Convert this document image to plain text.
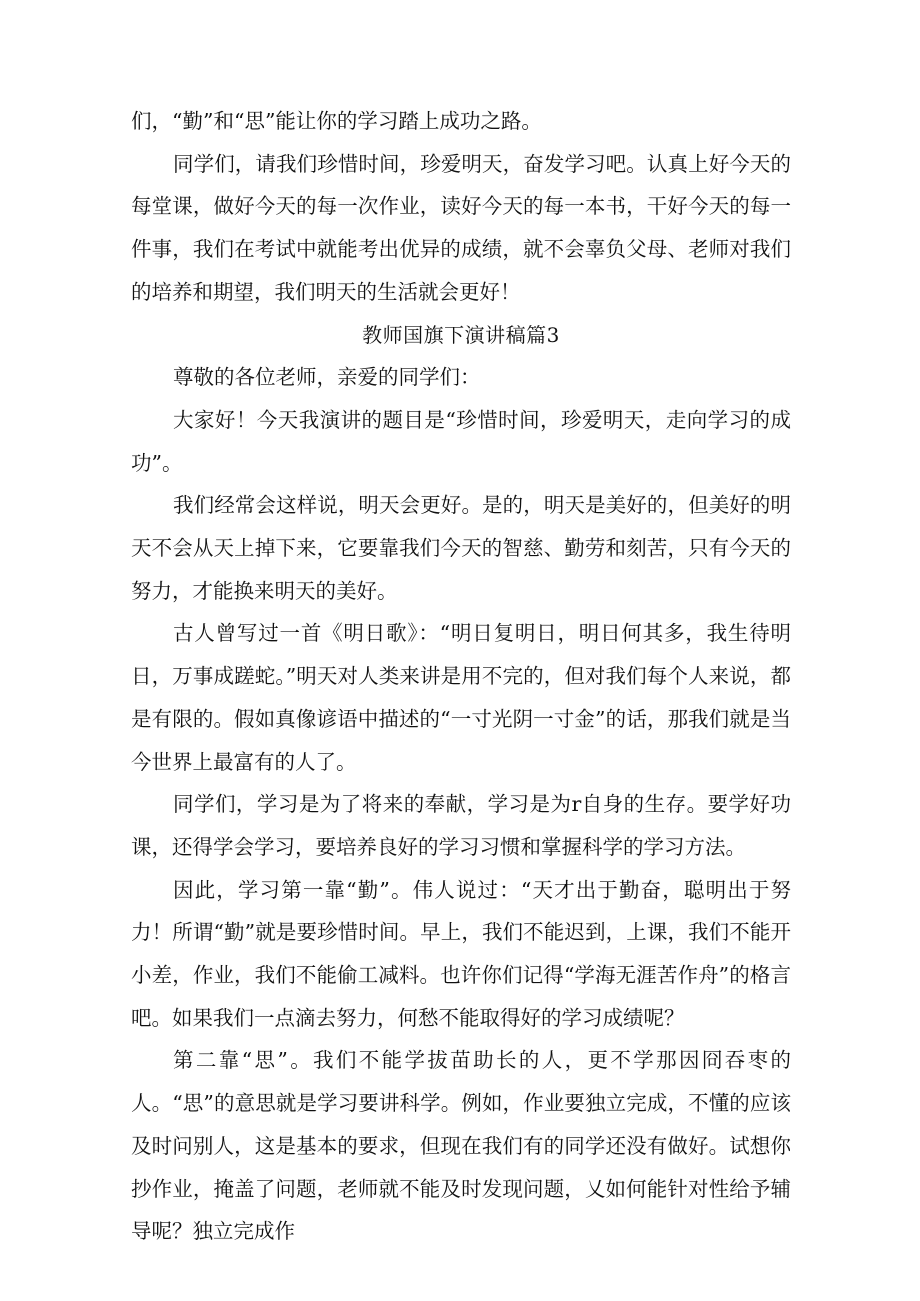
们，“勤”和“思”能让你的学习踏上成功之路。

同学们，请我们珍惜时间，珍爱明天，奋发学习吧。认真上好今天的每堂课，做好今天的每一次作业，读好今天的每一本书，干好今天的每一件事，我们在考试中就能考出优异的成绩，就不会辜负父母、老师对我们的培养和期望，我们明天的生活就会更好！

教师国旗下演讲稿篇3

尊敬的各位老师，亲爱的同学们：

大家好！今天我演讲的题目是“珍惜时间，珍爱明天，走向学习的成功”。

我们经常会这样说，明天会更好。是的，明天是美好的，但美好的明天不会从天上掉下来，它要靠我们今天的智慈、勤劳和刻苦，只有今天的努力，才能换来明天的美好。

古人曾写过一首《明日歌》：“明日复明日，明日何其多，我生待明日，万事成蹉蛇。”明天对人类来讲是用不完的，但对我们每个人来说，都是有限的。假如真像谚语中描述的“一寸光阴一寸金”的话，那我们就是当今世界上最富有的人了。

同学们，学习是为了将来的奉献，学习是为r自身的生存。要学好功课，还得学会学习，要培养良好的学习习惯和掌握科学的学习方法。

因此，学习第一靠“勤”。伟人说过：“天才出于勤奋，聪明出于努力！所谓“勤”就是要珍惜时间。早上，我们不能迟到，上课，我们不能开小差，作业，我们不能偷工减料。也许你们记得“学海无涯苦作舟”的格言吧。如果我们一点滴去努力，何愁不能取得好的学习成绩呢？

第二靠“思”。我们不能学拔苗助长的人，更不学那因冏吞枣的人。“思”的意思就是学习要讲科学。例如，作业要独立完成，不懂的应该及时问别人，这是基本的要求，但现在我们有的同学还没有做好。试想你抄作业，掩盖了问题，老师就不能及时发现问题，乂如何能针对性给予辅导呢？独立完成作
